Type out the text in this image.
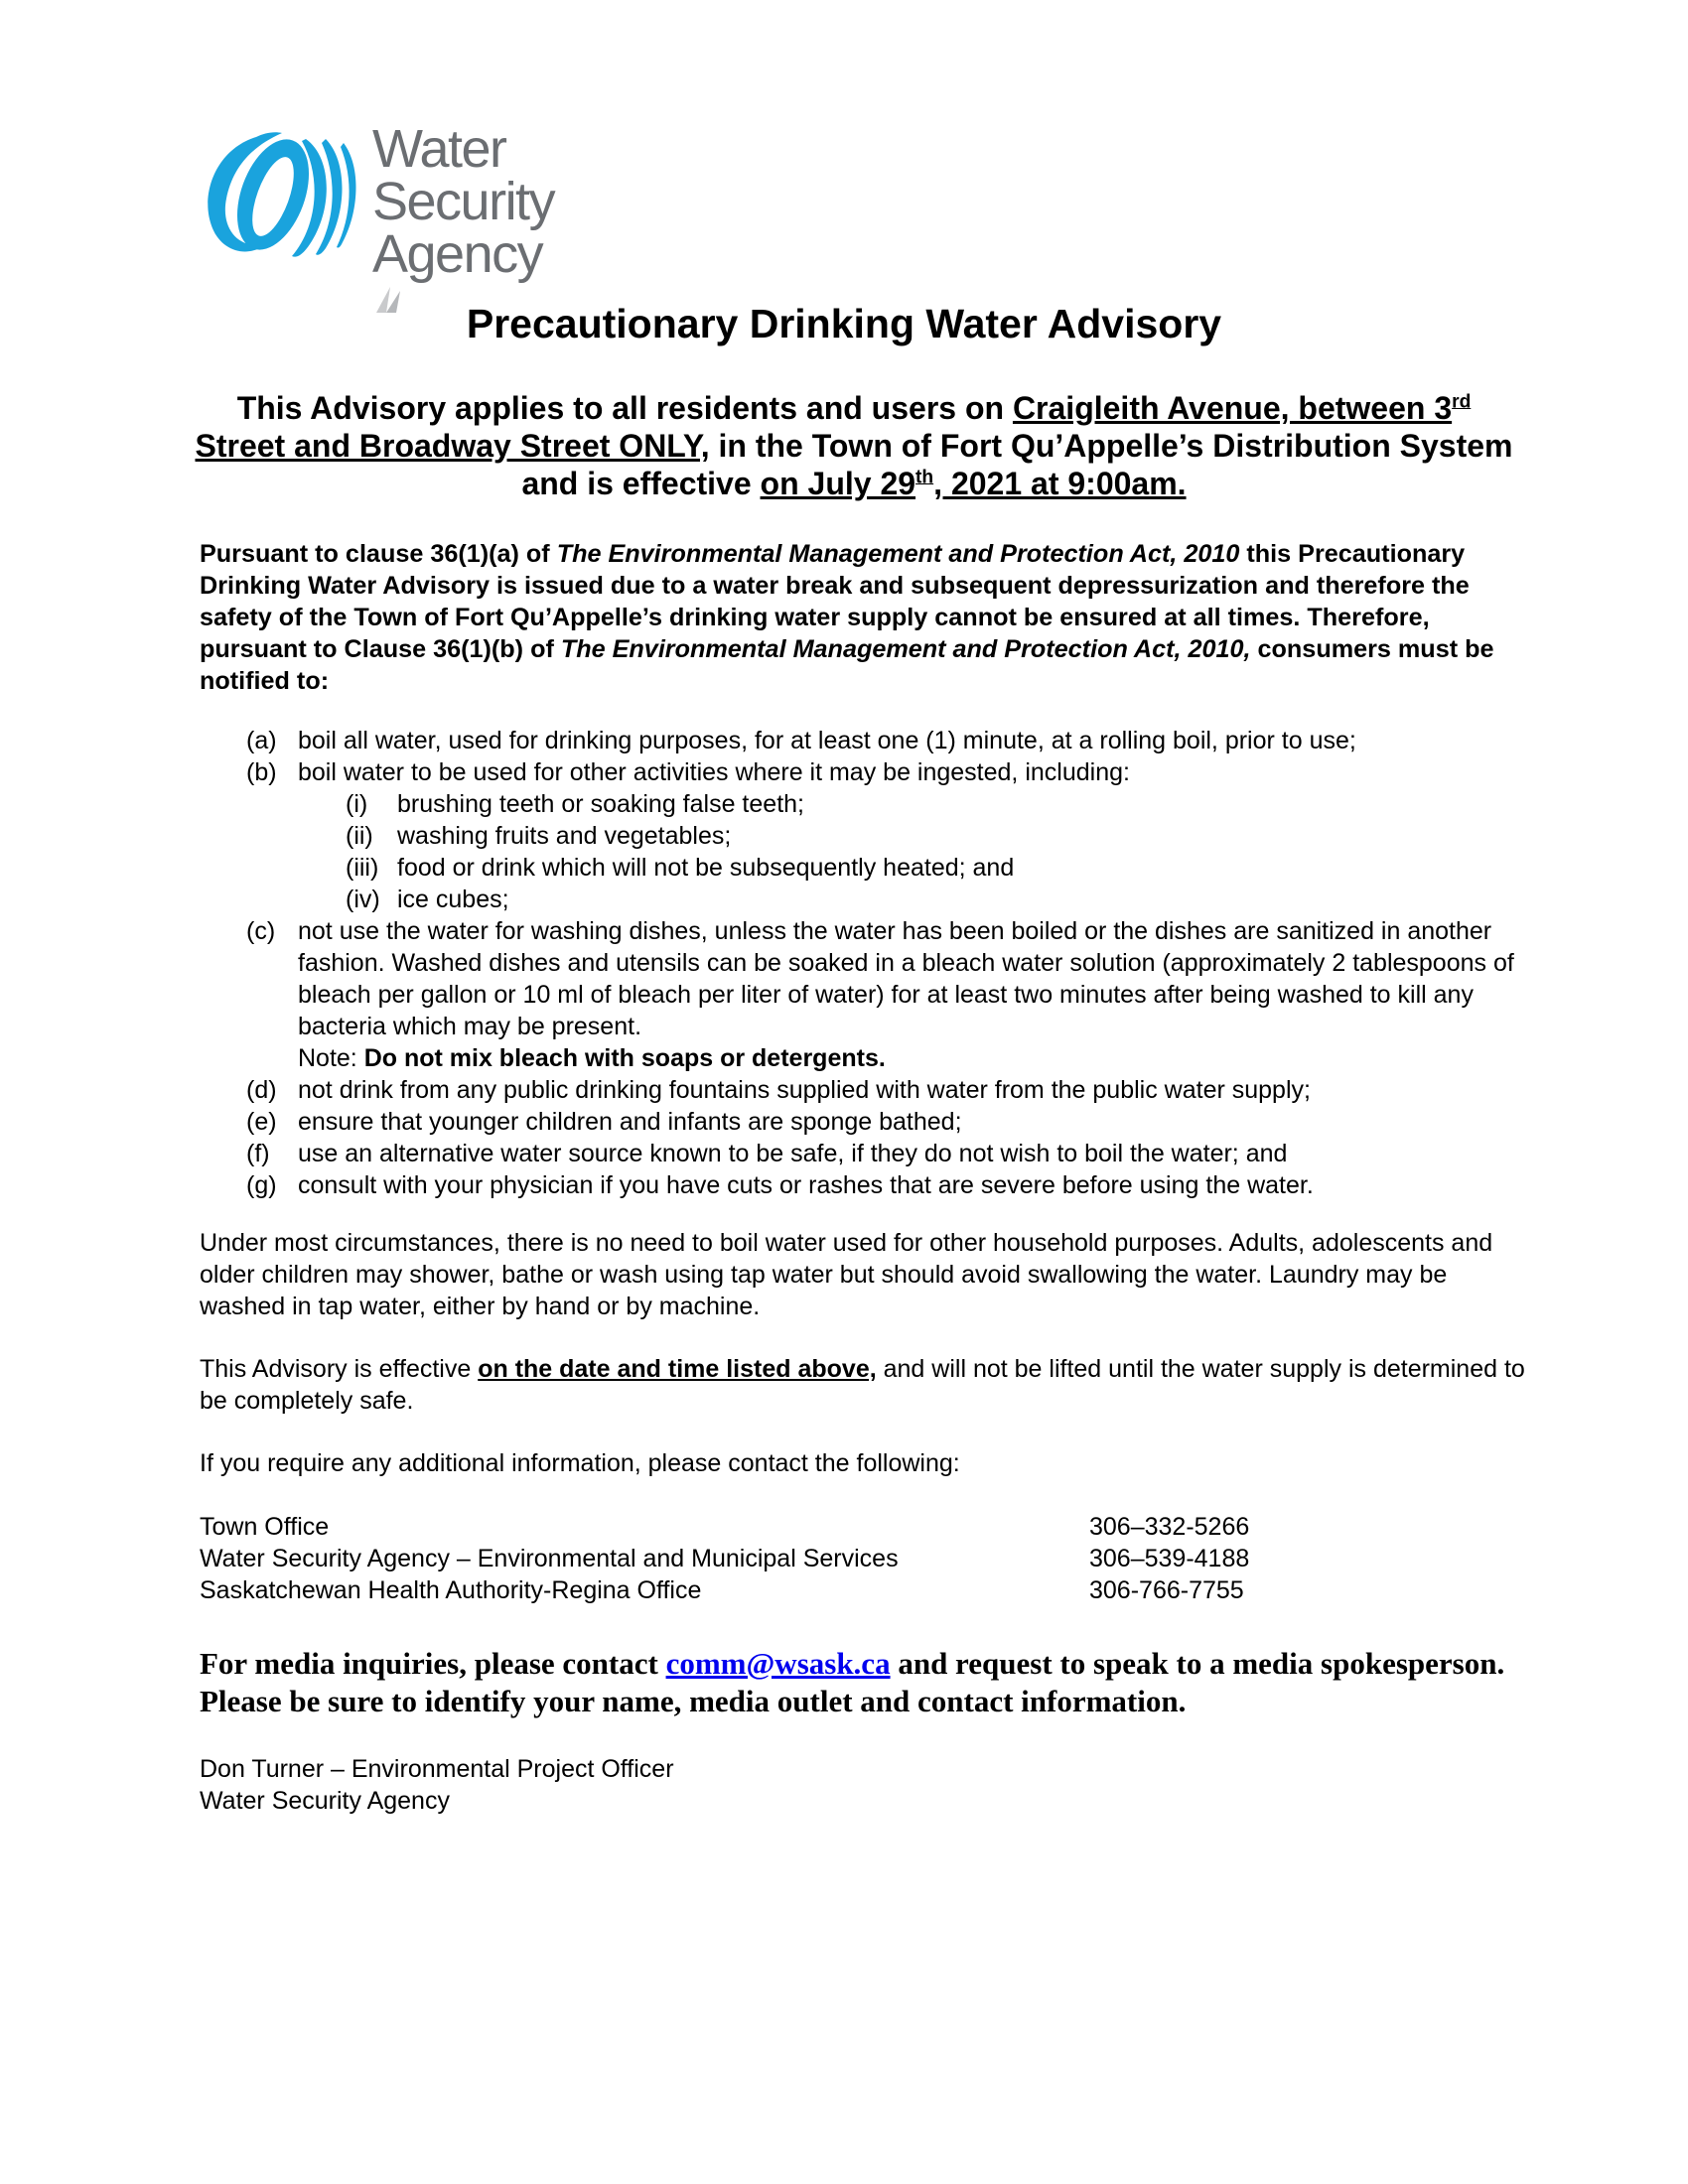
Water Security
Agency
Precautionary Drinking Water Advisory
This Advisory applies to all residents and users on Craigleith Avenue, between 3rd Street and Broadway Street ONLY, in the Town of Fort Qu’Appelle’s Distribution System and is effective on July 29th, 2021 at 9:00am.
Pursuant to clause 36(1)(a) of The Environmental Management and Protection Act, 2010 this Precautionary Drinking Water Advisory is issued due to a water break and subsequent depressurization and therefore the safety of the Town of Fort Qu’Appelle’s drinking water supply cannot be ensured at all times. Therefore, pursuant to Clause 36(1)(b) of The Environmental Management and Protection Act, 2010, consumers must be notified to:
(a) boil all water, used for drinking purposes, for at least one (1) minute, at a rolling boil, prior to use;
(b) boil water to be used for other activities where it may be ingested, including:
(i) brushing teeth or soaking false teeth;
(ii) washing fruits and vegetables;
(iii) food or drink which will not be subsequently heated; and
(iv) ice cubes;
(c) not use the water for washing dishes, unless the water has been boiled or the dishes are sanitized in another fashion. Washed dishes and utensils can be soaked in a bleach water solution (approximately 2 tablespoons of bleach per gallon or 10 ml of bleach per liter of water) for at least two minutes after being washed to kill any bacteria which may be present.
Note: Do not mix bleach with soaps or detergents.
(d) not drink from any public drinking fountains supplied with water from the public water supply;
(e) ensure that younger children and infants are sponge bathed;
(f) use an alternative water source known to be safe, if they do not wish to boil the water; and
(g) consult with your physician if you have cuts or rashes that are severe before using the water.

Under most circumstances, there is no need to boil water used for other household purposes. Adults, adolescents and older children may shower, bathe or wash using tap water but should avoid swallowing the water. Laundry may be washed in tap water, either by hand or by machine.

This Advisory is effective on the date and time listed above, and will not be lifted until the water supply is determined to be completely safe.

If you require any additional information, please contact the following:

Town Office	306–332-5266
Water Security Agency – Environmental and Municipal Services	306–539-4188
Saskatchewan Health Authority-Regina Office	306-766-7755
For media inquiries, please contact comm@wsask.ca and request to speak to a media spokesperson. Please be sure to identify your name, media outlet and contact information.
Don Turner – Environmental Project Officer
Water Security Agency
